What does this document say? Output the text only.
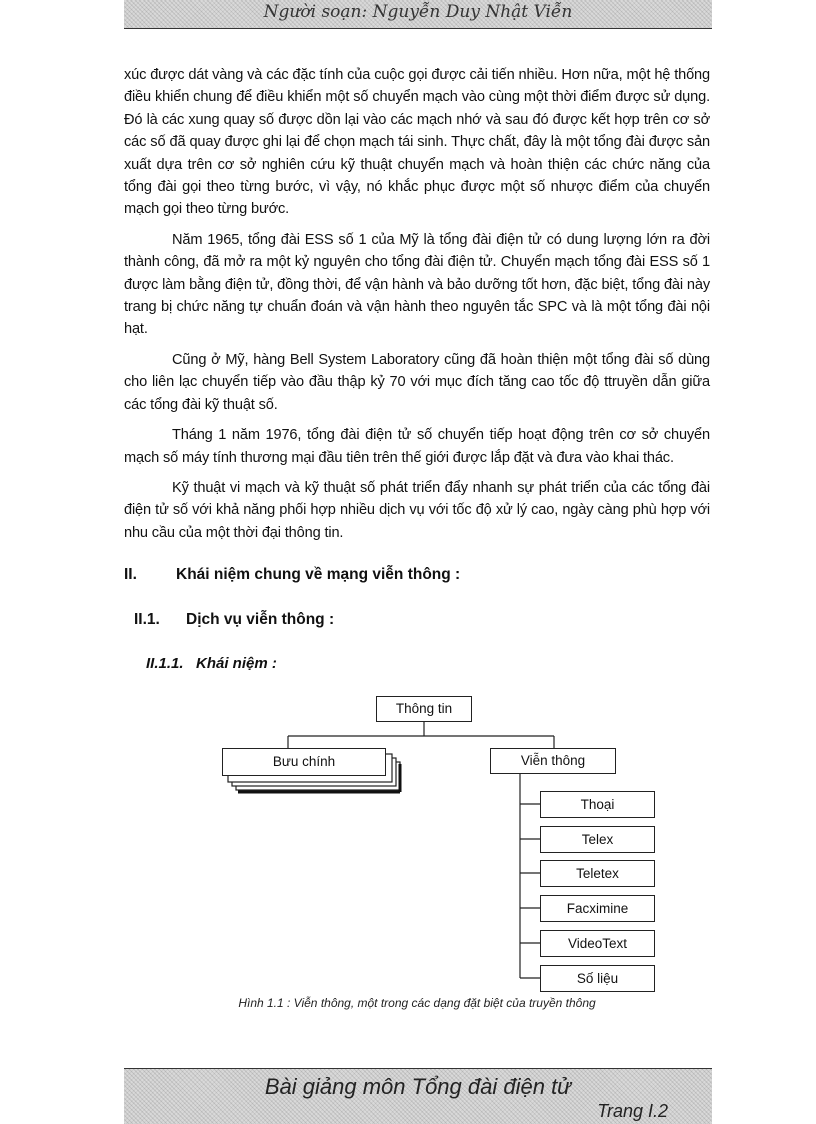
Người soạn: Nguyễn Duy Nhật Viễn

xúc được dát vàng và các đặc tính của cuộc gọi được cải tiến nhiều. Hơn nữa, một hệ thống điều khiển chung để điều khiển một số chuyển mạch vào cùng một thời điểm được sử dụng. Đó là các xung quay số được dồn lại vào các mạch nhớ và sau đó được kết hợp trên cơ sở các số đã quay được ghi lại để chọn mạch tái sinh. Thực chất, đây là một tổng đài được sản xuất dựa trên cơ sở nghiên cứu kỹ thuật chuyển mạch và hoàn thiện các chức năng của tổng đài gọi theo từng bước, vì vậy, nó khắc phục được một số nhược điểm của chuyển mạch gọi theo từng bước.

Năm 1965, tổng đài ESS số 1 của Mỹ là tổng đài điện tử có dung lượng lớn ra đời thành công, đã mở ra một kỷ nguyên cho tổng đài điện tử. Chuyển mạch tổng đài ESS số 1 được làm bằng điện tử, đồng thời, để vận hành và bảo dưỡng tốt hơn, đặc biệt, tổng đài này trang bị chức năng tự chuẩn đoán và vận hành theo nguyên tắc SPC và là một tổng đài nội hạt.

Cũng ở Mỹ, hàng Bell System Laboratory cũng đã hoàn thiện một tổng đài số dùng cho liên lạc chuyển tiếp vào đầu thập kỷ 70 với mục đích tăng cao tốc độ ttruyền dẫn giữa các tổng đài kỹ thuật số.

Tháng 1 năm 1976, tổng đài điện tử số chuyển tiếp hoạt động trên cơ sở chuyển mạch số máy tính thương mại đầu tiên trên thế giới được lắp đặt và đưa vào khai thác.

Kỹ thuật vi mạch và kỹ thuật số phát triển đẩy nhanh sự phát triển của các tổng đài điện tử số với khả năng phối hợp nhiều dịch vụ với tốc độ xử lý cao, ngày càng phù hợp với nhu cầu của một thời đại thông tin.

II.	Khái niệm chung về mạng viễn thông :
II.1. Dịch vụ viễn thông :
II.1.1. Khái niệm :
Thông tin
Bưu chính	Viễn thông
Thoại
Telex
Teletex
Facximine
VideoText
Số liệu
Hình 1.1 : Viễn thông, một trong các dạng đặt biệt của truyền thông
Bài giảng môn Tổng đài điện tử
Trang I.2
